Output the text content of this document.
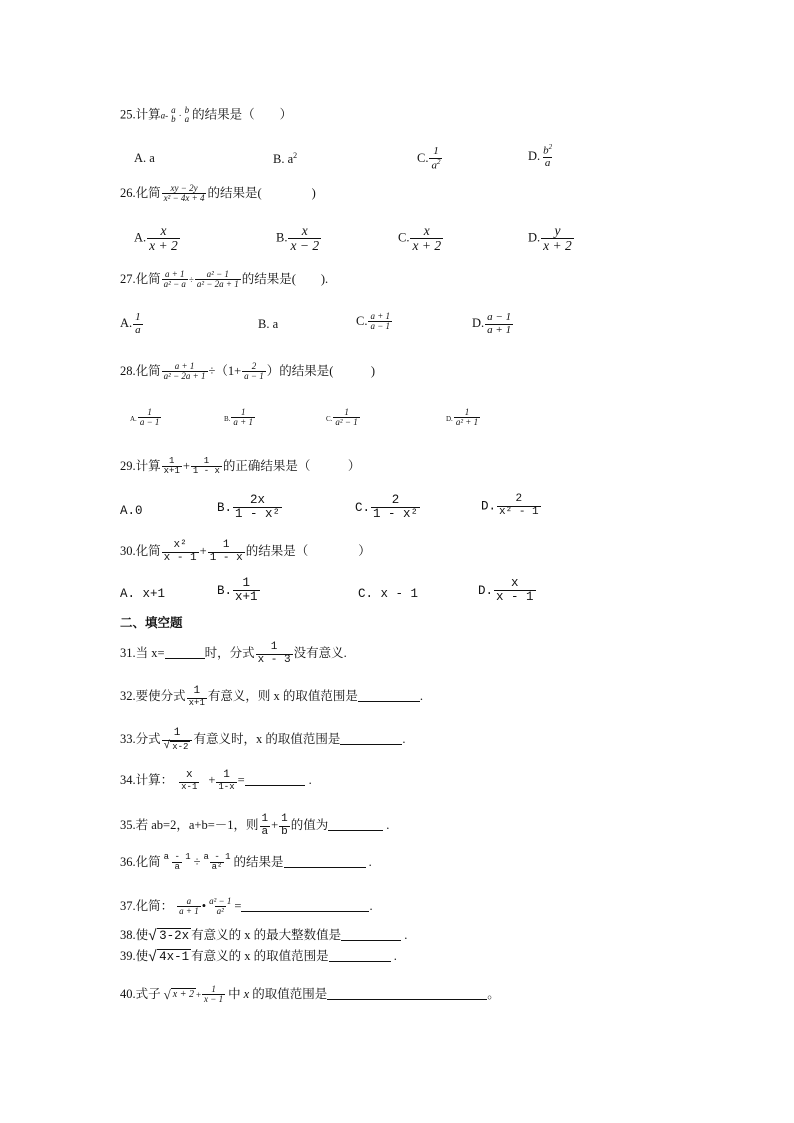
25.计算a-
a
b ·
b
a 的结果是（　　）
A. a	B. $a^2$	C. $\frac{1}{a^2}$	D. $\frac{b^2}{a}$
26.化简 $\frac{xy - 2y}{\text{x² − 4x + 4}}$ 的结果是(　　　　)
A. $\frac{x}{x + 2}$	B. $\frac{x}{x - 2}$	C. $\frac{x}{x + 2}$	D. $\frac{y}{x + 2}$
27.化简 $\frac{a + 1}{\text{a² − a}} \div \frac{\text{a² − 1}}{\text{a² − 2a + 1}}$ 的结果是(　　).
A. $\frac{1}{a}$	B. a	C. $\frac{a + 1}{a - 1}$	D. $\frac{a - 1}{a + 1}$
28.化简 $\frac{a + 1}{\text{a² − 2a + 1}} \div(1+ \frac{2}{a - 1}$ ）的结果是(　　　)
A. $\frac{1}{a - 1}$	B. $\frac{1}{a + 1}$	C. $\frac{1}{\text{a² − 1}}$	D. $\frac{1}{\text{a² + 1}}$
29.计算 $\frac{1}{x+1} + \frac{1}{1 - x}$ 的正确结果是（　　　）
A.0	B. $\frac{2x}{\text{1 - x²}}$	C. $\frac{2}{\text{1 - x²}}$	D. $\frac{2}{\text{x² - 1}}$
30.化简 $\frac{\text{x²}}{x - 1} + \frac{1}{1 - x}$ 的结果是（　　　　）
A. x+1	B. $\frac{1}{x+1}$	C. x - 1	D. $\frac{x}{x - 1}$
二、填空题
31.当 x=	时，分式 $\frac{1}{x - 3}$ 没有意义.
32.要使分式 $\frac{1}{x+1}$ 有意义，则 x 的取值范围是	.
33.分式 $\frac{1}{√ x-2}$ 有意义时，x 的取值范围是	.
34.计算： $\frac{x}{x-1} + \frac{1}{1-x}$ =	.
35.若 ab=2，a+b=－1，则 $\frac{1}{a} + \frac{1}{b}$ 的值为	.
36.化简 $\frac{a - 1}{a} \div \frac{a - 1}{\text{a²}}$ 的结果是	.
37.化简： $\frac{a}{a + 1}$ • $\frac{\text{a² − 1}}{\text{a²}}$ =	.
38.使 √ 3-2x 有意义的 x 的最大整数值是	.
39.使 √ 4x-1 有意义的 x 的取值范围是	.
40.式子 √ $x + 2 + \frac{1}{x - 1}$ 中 x 的取值范围是	。
